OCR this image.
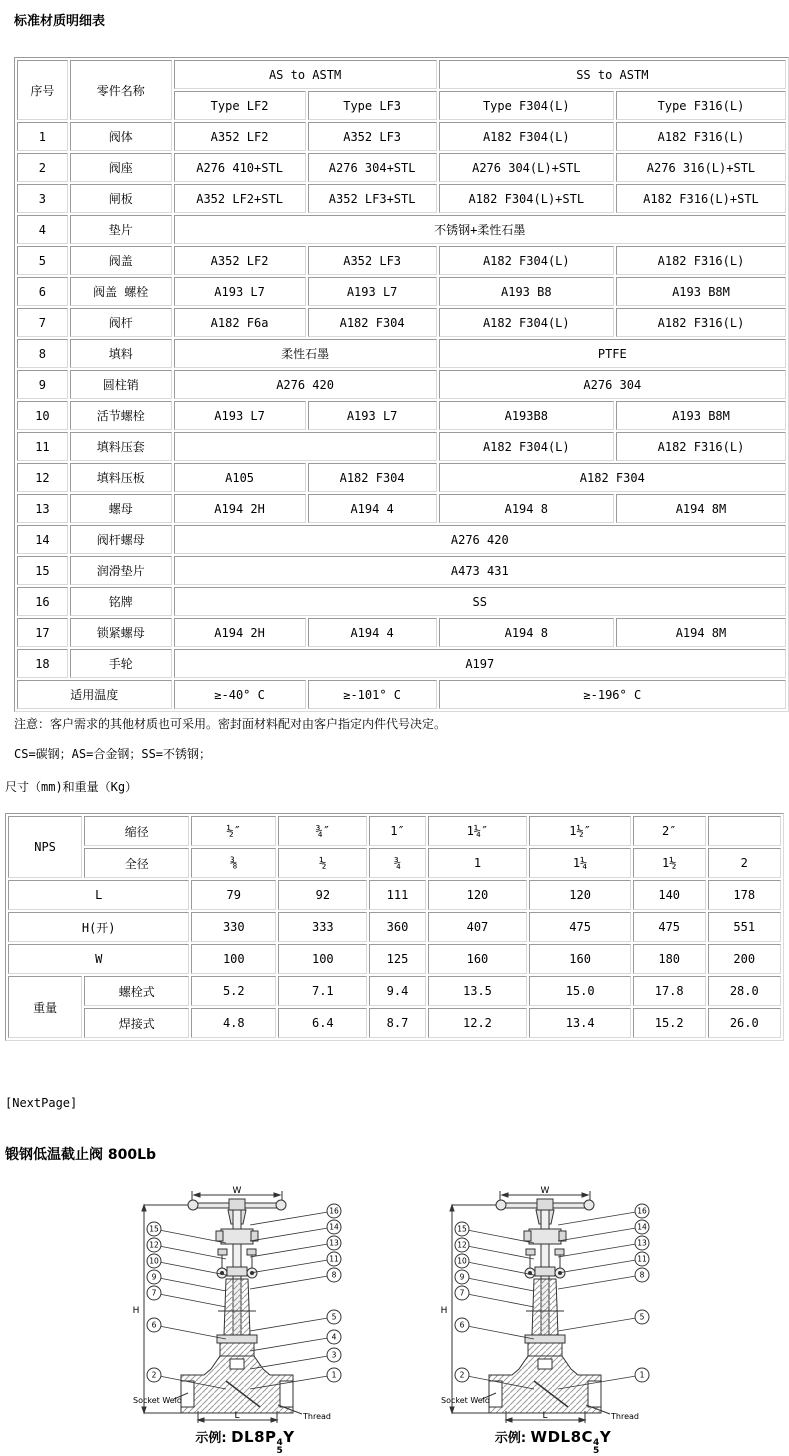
标准材质明细表
序号	零件名称	AS to ASTM		SS to ASTM	
		Type LF2	Type LF3	Type F304(L)	Type F316(L)
1	阀体	A352 LF2	A352 LF3	A182 F304(L)	A182 F316(L)
2	阀座	A276 410+STL	A276 304+STL	A276 304(L)+STL	A276 316(L)+STL
3	闸板	A352 LF2+STL	A352 LF3+STL	A182 F304(L)+STL	A182 F316(L)+STL
4	垫片	不锈钢+柔性石墨			
5	阀盖	A352 LF2	A352 LF3	A182 F304(L)	A182 F316(L)
6	阀盖 螺栓	A193 L7	A193 L7	A193 B8	A193 B8M
7	阀杆	A182 F6a	A182 F304	A182 F304(L)	A182 F316(L)
8	填料	柔性石墨		PTFE	
9	圆柱销	A276 420		A276 304	
10	活节螺栓	A193 L7	A193 L7	A193B8	A193 B8M
11	填料压套			A182 F304(L)	A182 F316(L)
12	填料压板	A105	A182 F304	A182 F304	
13	螺母	A194 2H	A194 4	A194 8	A194 8M
14	阀杆螺母	A276 420			
15	润滑垫片	A473 431			
16	铭牌	SS			
17	锁紧螺母	A194 2H	A194 4	A194 8	A194 8M
18	手轮	A197			
适用温度		≥-40° C	≥-101° C	≥-196° C	
注意：客户需求的其他材质也可采用。密封面材料配对由客户指定内件代号决定。
CS=碳钢；AS=合金钢；SS=不锈钢；
尺寸（mm)和重量（Kg）
NPS	缩径	½″	¾″	1″	1¼″	1½″	2″	
	全径	⅜	½	¾	1	1¼	1½	2
L		79	92	111	120	120	140	178
H(开)		330	333	360	407	475	475	551
W		100	100	125	160	160	180	200
重量	螺栓式	5.2	7.1	9.4	13.5	15.0	17.8	28.0
	焊接式	4.8	6.4	8.7	12.2	13.4	15.2	26.0
[NextPage]
锻钢低温截止阀 800Lb
15
12
10
9
7
6
2
16
14
13
11
8
5
4
3
1
W
H
L
Socket Weld
Thread
示例: DL8P 4
5
Y
15
12
10
9
7
6
2
16
14
13
11
8
5
1
W
H
L
Socket Weld
Thread
示例: WDL8C 4
5
Y
